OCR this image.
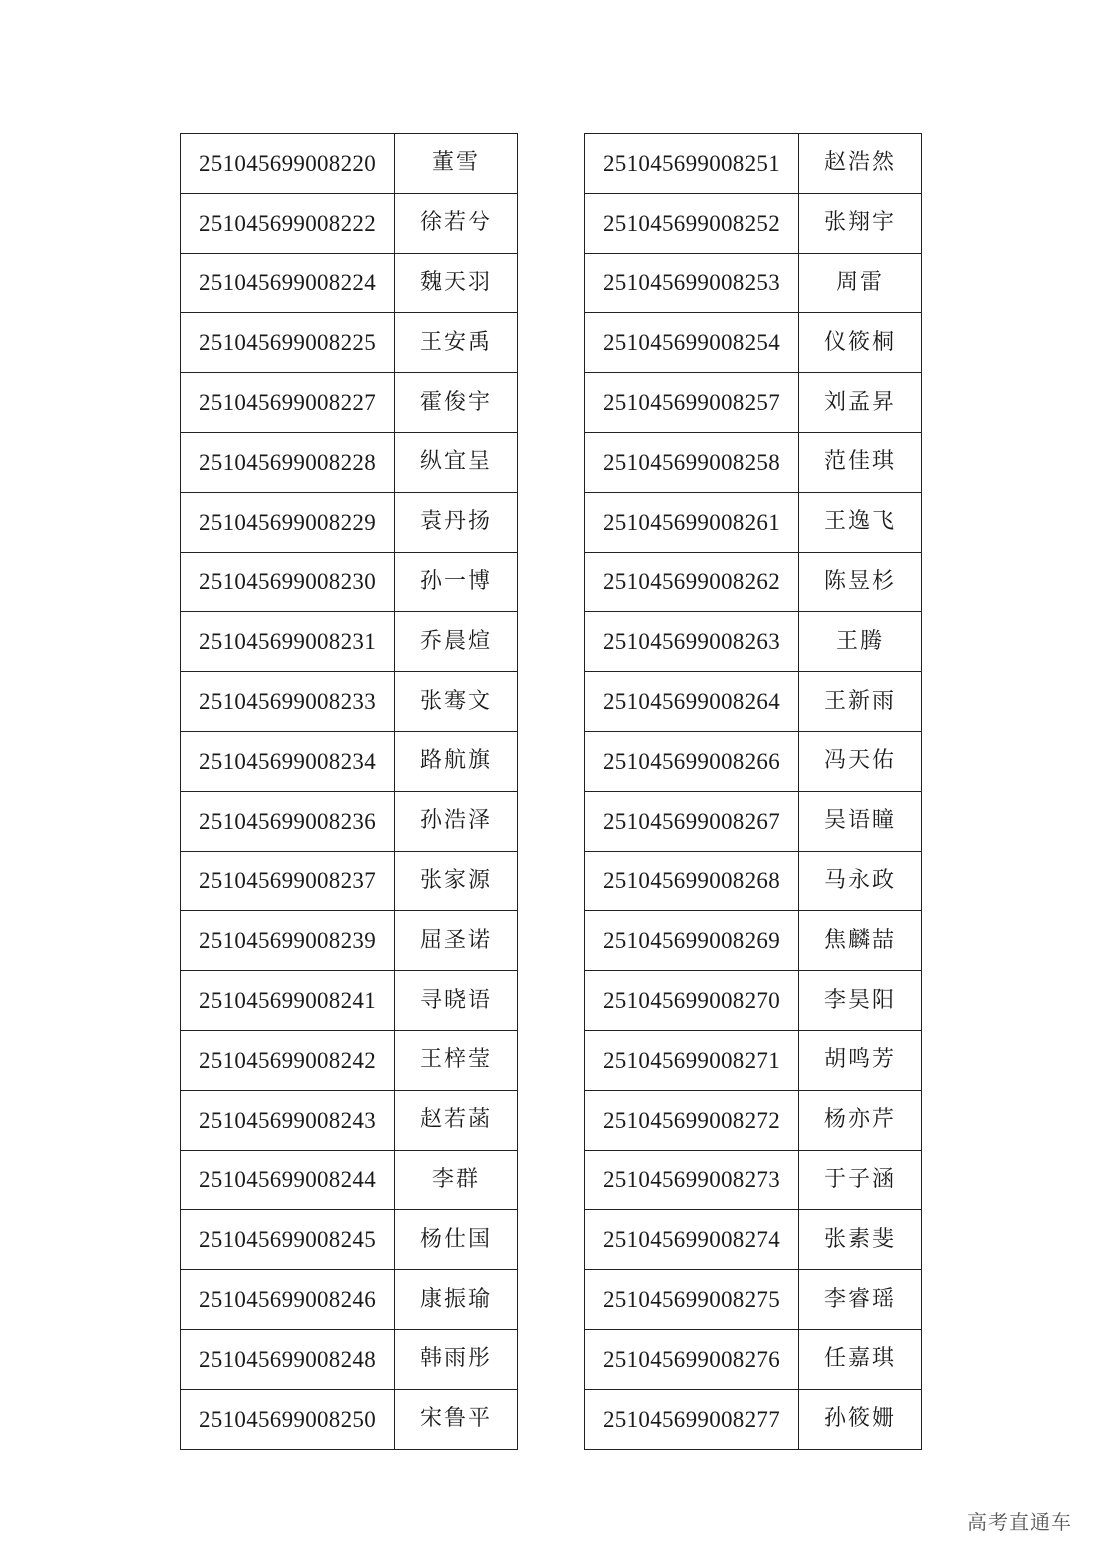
251045699008220	董雪
251045699008222	徐若兮
251045699008224	魏天羽
251045699008225	王安禹
251045699008227	霍俊宇
251045699008228	纵宜呈
251045699008229	袁丹扬
251045699008230	孙一博
251045699008231	乔晨煊
251045699008233	张骞文
251045699008234	路航旗
251045699008236	孙浩泽
251045699008237	张家源
251045699008239	屈圣诺
251045699008241	寻晓语
251045699008242	王梓莹
251045699008243	赵若菡
251045699008244	李群
251045699008245	杨仕国
251045699008246	康振瑜
251045699008248	韩雨彤
251045699008250	宋鲁平
251045699008251	赵浩然
251045699008252	张翔宇
251045699008253	周雷
251045699008254	仪筱桐
251045699008257	刘孟昇
251045699008258	范佳琪
251045699008261	王逸飞
251045699008262	陈昱杉
251045699008263	王腾
251045699008264	王新雨
251045699008266	冯天佑
251045699008267	吴语瞳
251045699008268	马永政
251045699008269	焦麟喆
251045699008270	李昊阳
251045699008271	胡鸣芳
251045699008272	杨亦芹
251045699008273	于子涵
251045699008274	张素斐
251045699008275	李睿瑶
251045699008276	任嘉琪
251045699008277	孙筱姗
高考直通车
